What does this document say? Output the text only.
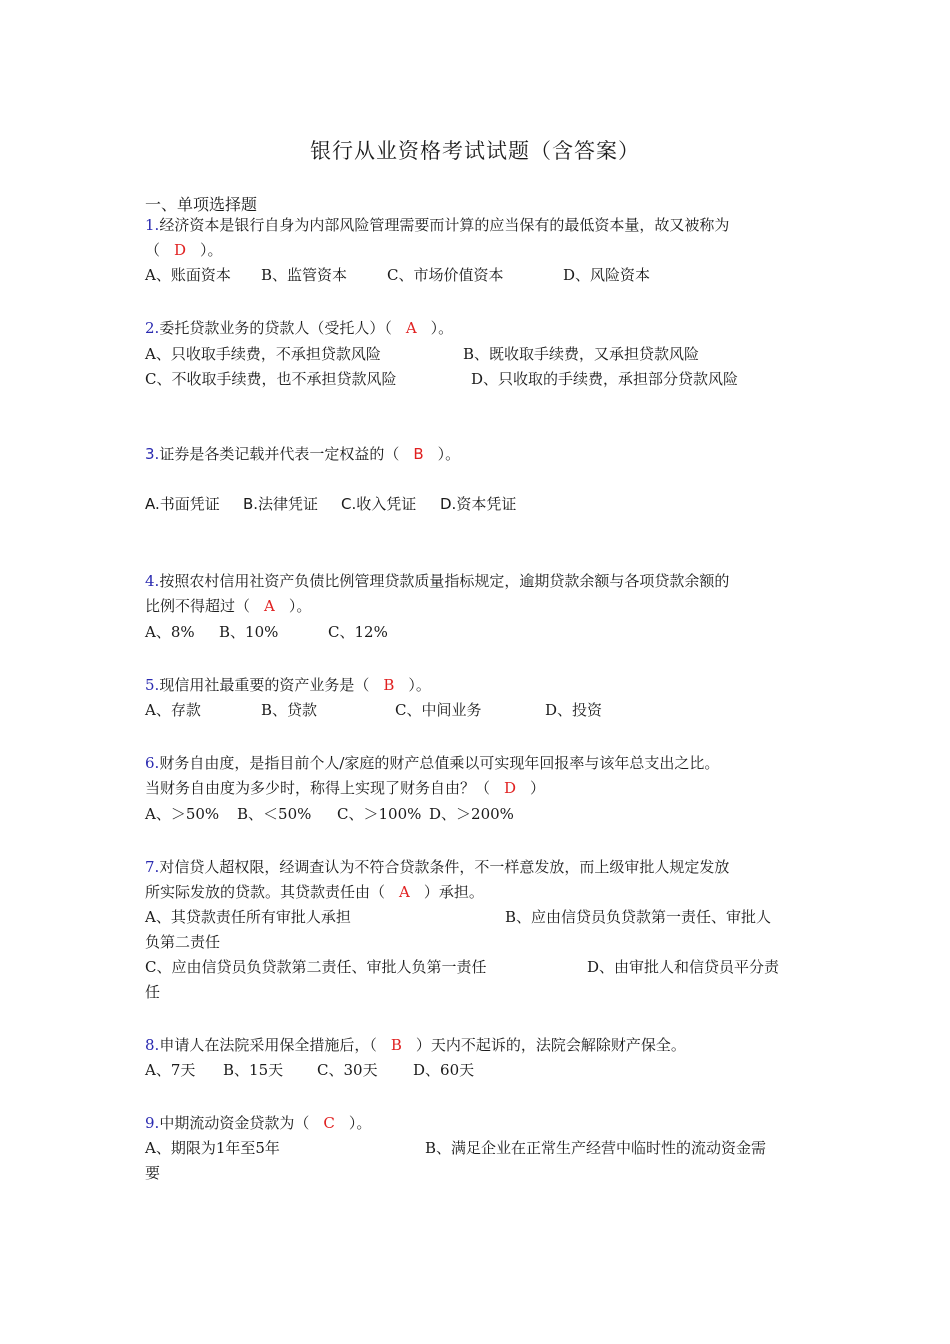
银行从业资格考试试题（含答案）
一、单项选择题
1.经济资本是银行自身为内部风险管理需要而计算的应当保有的最低资本量，故又被称为
（ D ）。
A、账面资本 B、监管资本	C、市场价值资本	D、风险资本
2.委托贷款业务的贷款人（受托人）（ A ）。
A、只收取手续费，不承担贷款风险	B、既收取手续费，又承担贷款风险
C、不收取手续费，也不承担贷款风险	D、只收取的手续费，承担部分贷款风险
3.证券是各类记载并代表一定权益的（ B ）。
A.书面凭证 B.法律凭证 C.收入凭证 D.资本凭证
4.按照农村信用社资产负债比例管理贷款质量指标规定，逾期贷款余额与各项贷款余额的
比例不得超过（ A ）。
A、8% B、10%	C、12%
5.现信用社最重要的资产业务是（ B ）。
A、存款	B、贷款	C、中间业务	D、投资
6.财务自由度，是指目前个人/家庭的财产总值乘以可实现年回报率与该年总支出之比。
当财务自由度为多少时，称得上实现了财务自由？（ D ）
A、＞50% B、＜50% C、＞100% D、＞200%
7.对信贷人超权限，经调查认为不符合贷款条件，不一样意发放，而上级审批人规定发放
所实际发放的贷款。其贷款责任由（ A ）承担。
A、其贷款责任所有审批人承担	B、应由信贷员负贷款第一责任、审批人
负第二责任
C、应由信贷员负贷款第二责任、审批人负第一责任	D、由审批人和信贷员平分责
任
8.申请人在法院采用保全措施后，（ B ）天内不起诉的，法院会解除财产保全。
A、7天 B、15天 C、30天 D、60天
9.中期流动资金贷款为（ C ）。
A、期限为1年至5年	B、满足企业在正常生产经营中临时性的流动资金需
要
